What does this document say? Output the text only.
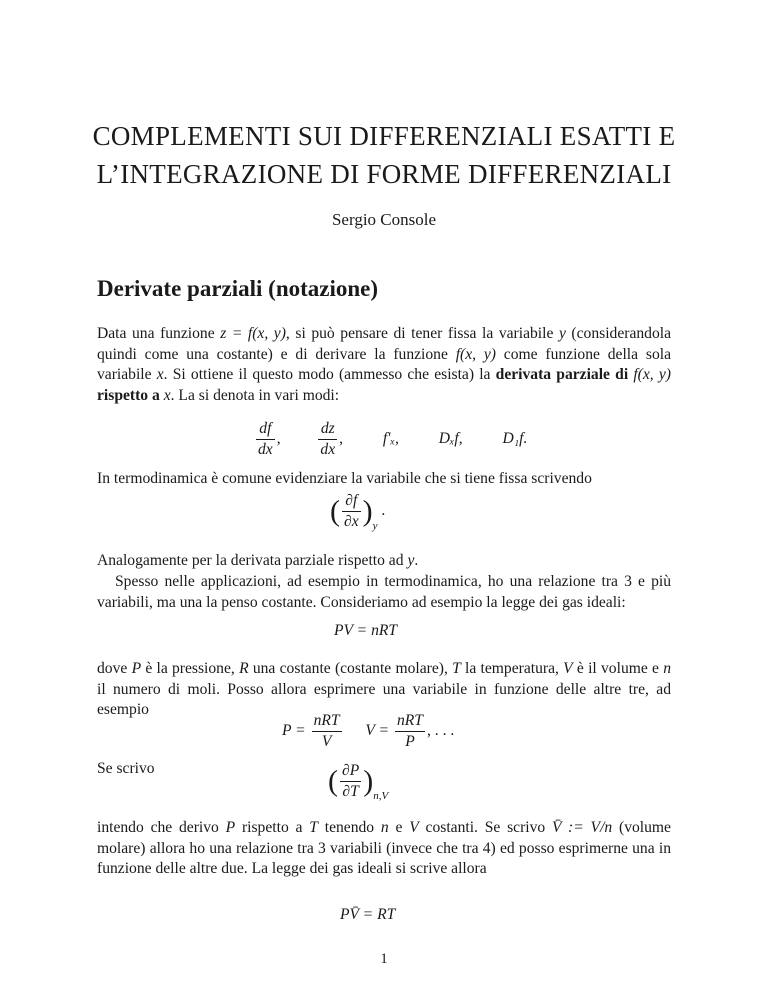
COMPLEMENTI SUI DIFFERENZIALI ESATTI E
L’INTEGRAZIONE DI FORME DIFFERENZIALI
Sergio Console
Derivate parziali (notazione)
Data una funzione z = f(x, y), si può pensare di tener fissa la variabile y (considerandola quindi come una costante) e di derivare la funzione f(x, y) come funzione della sola variabile x. Si ottiene il questo modo (ammesso che esista) la derivata parziale di f(x, y) rispetto a x. La si denota in vari modi:
$\frac{df}{dx}$ , $\frac{dz}{dx}$ ,  f′ₓ,	Dₓf,	D₁f.
In termodinamica è comune evidenziare la variabile che si tiene fissa scrivendo
( $\frac{\partial f}{\partial x} )_y$ .
Analogamente per la derivata parziale rispetto ad y.
Spesso nelle applicazioni, ad esempio in termodinamica, ho una relazione tra 3 e più variabili, ma una la penso costante. Consideriamo ad esempio la legge dei gas ideali:
PV = nRT
dove P è la pressione, R una costante (costante molare), T la temperatura, V è il volume e n il numero di moli. Posso allora esprimere una variabile in funzione delle altre tre, ad esempio
$P = \frac{\text{nRT}}{V}$ $V = \frac{\text{nRT}}{P}$ , . . .
Se scrivo	( $\frac{\partial P}{\partial T} )_{n,V}$
intendo che derivo P rispetto a T tenendo n e V costanti. Se scrivo V̄ := V/n (volume molare) allora ho una relazione tra 3 variabili (invece che tra 4) ed posso esprimerne una in funzione delle altre due. La legge dei gas ideali si scrive allora
PV̄ = RT
1
